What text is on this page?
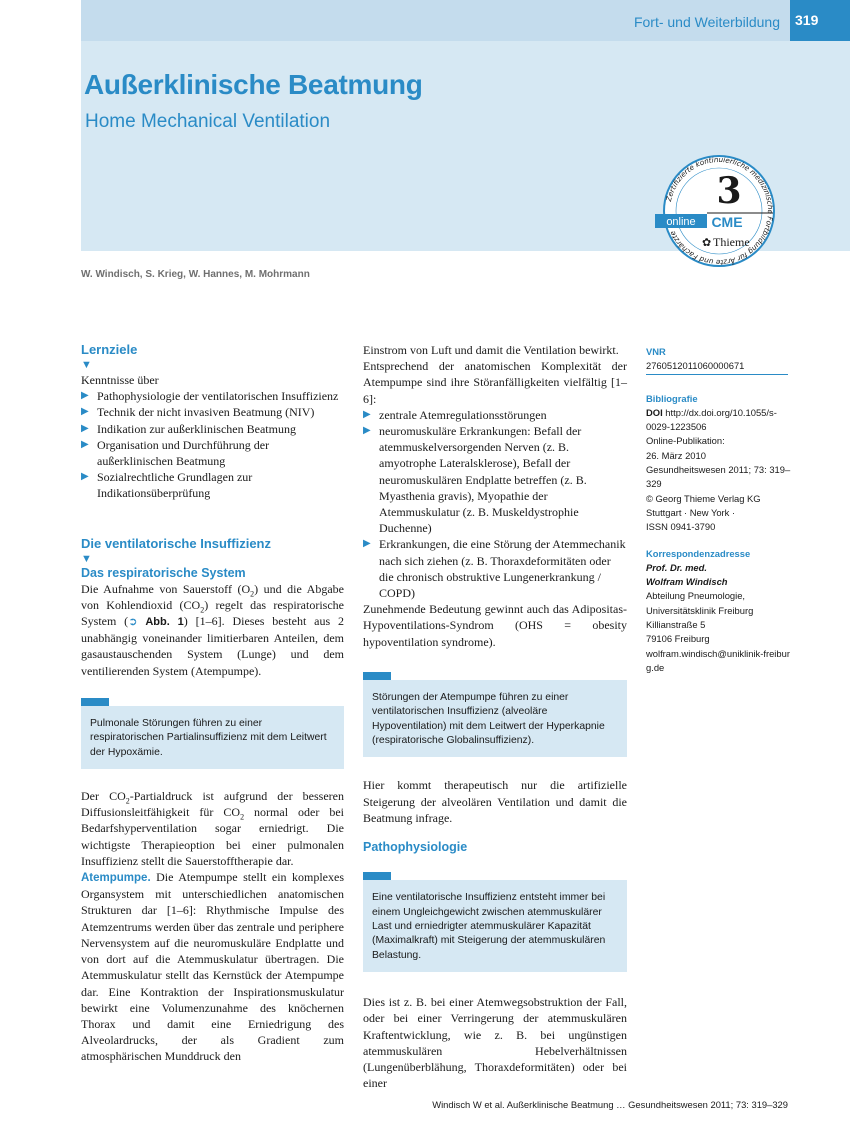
Fort- und Weiterbildung	319
Außerklinische Beatmung
Home Mechanical Ventilation
W. Windisch, S. Krieg, W. Hannes, M. Mohrmann
Zertifizierte kontinuierliche medizinische Fortbildung für Ärzte und Fachärzte
3
online CME
✿ Thieme
Lernziele
▼

Kenntnisse über

▶ Pathophysiologie der ventilatorischen Insuffizienz
▶ Technik der nicht invasiven Beatmung (NIV)
▶ Indikation zur außerklinischen Beatmung
▶ Organisation und Durchführung der außerklinischen Beatmung
▶ Sozialrechtliche Grundlagen zur Indikationsüberprüfung
Die ventilatorische Insuffizienz
▼
Das respiratorische System

Die Aufnahme von Sauerstoff $(O_2)$ und die Abgabe von Kohlendioxid $(CO_2)$ regelt das respiratorische System (➲ Abb. 1) [1–6]. Dieses besteht aus 2 unabhängig voneinander limitierbaren Anteilen, dem gasaustauschenden System (Lunge) und dem ventilierenden System (Atempumpe).

Pulmonale Störungen führen zu einer respiratorischen Partialinsuffizienz mit dem Leitwert der Hypoxämie.

Der $CO_2$-Partialdruck ist aufgrund der besseren Diffusionsleitfähigkeit für $CO_2$ normal oder bei Bedarfshyperventilation sogar erniedrigt. Die wichtigste Therapieoption bei einer pulmonalen Insuffizienz stellt die Sauerstofftherapie dar.

Atempumpe. Die Atempumpe stellt ein komplexes Organsystem mit unterschiedlichen anatomischen Strukturen dar [1–6]: Rhythmische Impulse des Atemzentrums werden über das zentrale und periphere Nervensystem auf die neuromuskuläre Endplatte und von dort auf die Atemmuskulatur übertragen. Die Atemmuskulatur stellt das Kernstück der Atempumpe dar. Eine Kontraktion der Inspirationsmuskulatur bewirkt eine Volumenzunahme des knöchernen Thorax und damit eine Erniedrigung des Alveolardrucks, der als Gradient zum atmosphärischen Munddruck den

Einstrom von Luft und damit die Ventilation bewirkt.

Entsprechend der anatomischen Komplexität der Atempumpe sind ihre Störanfälligkeiten vielfältig [1–6]:

▶ zentrale Atemregulationsstörungen
▶ neuromuskuläre Erkrankungen: Befall der atemmuskelversorgenden Nerven (z. B. amyotrophe Lateralsklerose), Befall der neuromuskulären Endplatte betreffen (z. B. Myasthenia gravis), Myopathie der Atemmuskulatur (z. B. Muskeldystrophie Duchenne)
▶ Erkrankungen, die eine Störung der Atemmechanik nach sich ziehen (z. B. Thoraxdeformitäten oder die chronisch obstruktive Lungenerkrankung / COPD)

Zunehmende Bedeutung gewinnt auch das Adipositas-Hypoventilations-Syndrom (OHS = obesity hypoventilation syndrome).

Störungen der Atempumpe führen zu einer ventilatorischen Insuffizienz (alveoläre Hypoventilation) mit dem Leitwert der Hyperkapnie (respiratorische Globalinsuffizienz).

Hier kommt therapeutisch nur die artifizielle Steigerung der alveolären Ventilation und damit die Beatmung infrage.

Pathophysiologie
Eine ventilatorische Insuffizienz entsteht immer bei einem Ungleichgewicht zwischen atemmuskulärer Last und erniedrigter atemmuskulärer Kapazität (Maximalkraft) mit Steigerung der atemmuskulären Belastung.

Dies ist z. B. bei einer Atemwegsobstruktion der Fall, oder bei einer Verringerung der atemmuskulären Kraftentwicklung, wie z. B. bei ungünstigen atemmuskulären Hebelverhältnissen (Lungenüberblähung, Thoraxdeformitäten) oder bei einer

VNR
2760512011060000671
Bibliografie
DOI http://dx.doi.org/10.1055/s-0029-1223506
Online-Publikation:
26. März 2010
Gesundheitswesen 2011; 73: 319–329
© Georg Thieme Verlag KG
Stuttgart · New York ·
ISSN 0941-3790
Korrespondenzadresse
Prof. Dr. med.
Wolfram Windisch
Abteilung Pneumologie,
Universitätsklinik Freiburg
Killianstraße 5
79106 Freiburg
wolfram.windisch@uniklinik-freiburg.de
Windisch W et al. Außerklinische Beatmung … Gesundheitswesen 2011; 73: 319–329
